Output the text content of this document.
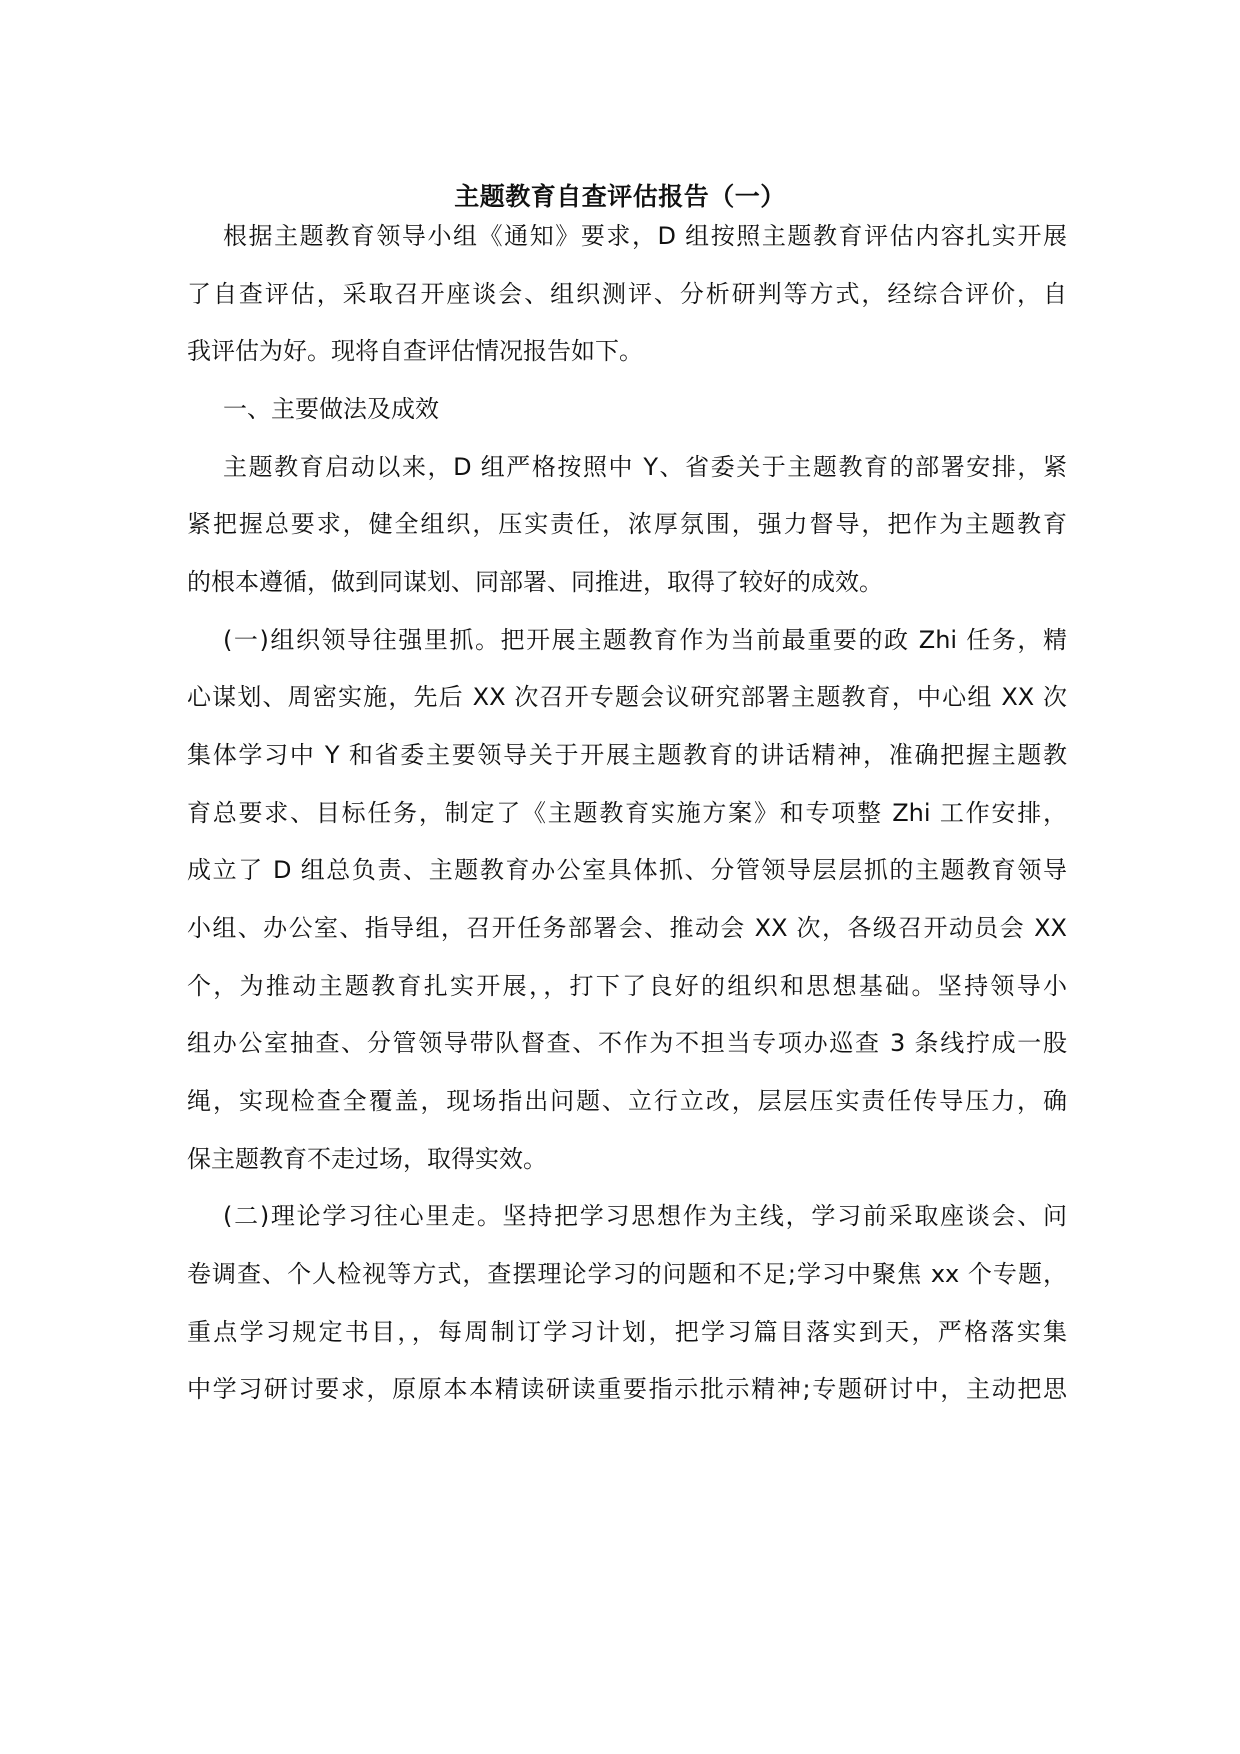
主题教育自查评估报告（一）
根据主题教育领导小组《通知》要求，D 组按照主题教育评估内容扎实开展
了自查评估，采取召开座谈会、组织测评、分析研判等方式，经综合评价，自
我评估为好。现将自查评估情况报告如下。
一、主要做法及成效
主题教育启动以来，D 组严格按照中 Y、省委关于主题教育的部署安排，紧
紧把握总要求，健全组织，压实责任，浓厚氛围，强力督导，把作为主题教育
的根本遵循，做到同谋划、同部署、同推进，取得了较好的成效。
(一)组织领导往强里抓。把开展主题教育作为当前最重要的政 Zhi 任务，精
心谋划、周密实施，先后 XX 次召开专题会议研究部署主题教育，中心组 XX 次
集体学习中 Y 和省委主要领导关于开展主题教育的讲话精神，准确把握主题教
育总要求、目标任务，制定了《主题教育实施方案》和专项整 Zhi 工作安排，
成立了 D 组总负责、主题教育办公室具体抓、分管领导层层抓的主题教育领导
小组、办公室、指导组，召开任务部署会、推动会 XX 次，各级召开动员会 XX
个，为推动主题教育扎实开展，，打下了良好的组织和思想基础。坚持领导小
组办公室抽查、分管领导带队督查、不作为不担当专项办巡查 3 条线拧成一股
绳，实现检查全覆盖，现场指出问题、立行立改，层层压实责任传导压力，确
保主题教育不走过场，取得实效。
(二)理论学习往心里走。坚持把学习思想作为主线，学习前采取座谈会、问
卷调查、个人检视等方式，查摆理论学习的问题和不足;学习中聚焦 xx 个专题，
重点学习规定书目，，每周制订学习计划，把学习篇目落实到天，严格落实集
中学习研讨要求，原原本本精读研读重要指示批示精神;专题研讨中，主动把思
